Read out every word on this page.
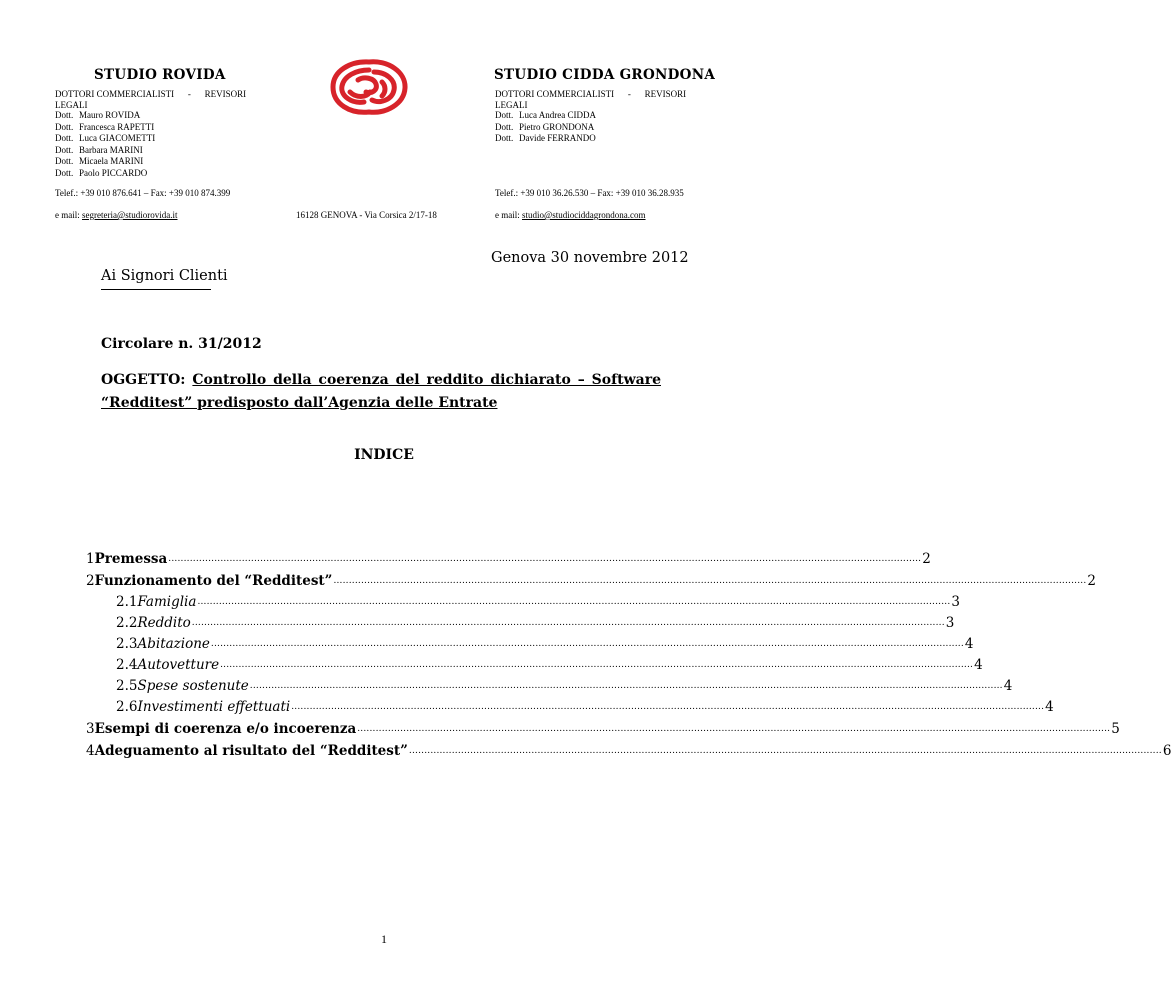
STUDIO ROVIDA
DOTTORI COMMERCIALISTI - REVISORI LEGALI
Dott. Mauro ROVIDA
Dott. Francesca RAPETTI
Dott. Luca GIACOMETTI
Dott. Barbara MARINI
Dott. Micaela MARINI
Dott. Paolo PICCARDO
Telef.: +39 010 876.641 – Fax: +39 010 874.399
e mail: segreteria@studiorovida.it
STUDIO CIDDA GRONDONA
DOTTORI COMMERCIALISTI - REVISORI LEGALI
Dott. Luca Andrea CIDDA
Dott. Pietro GRONDONA
Dott. Davide FERRANDO
Telef.: +39 010 36.26.530 – Fax: +39 010 36.28.935
e mail: studio@studiociddagrondona.com
16128 GENOVA - Via Corsica 2/17-18
Genova 30 novembre 2012
Ai Signori Clienti
Circolare n. 31/2012
OGGETTO: Controllo della coerenza del reddito dichiarato – Software
“Redditest” predisposto dall’Agenzia delle Entrate
INDICE
1 Premessa ...................................................................................................................................................................................................................................................... 2
2 Funzionamento del “Redditest” ...................................................................................................................................................................................................................................................... 2
2.1 Famiglia ...................................................................................................................................................................................................................................................... 3
2.2 Reddito ...................................................................................................................................................................................................................................................... 3
2.3 Abitazione ...................................................................................................................................................................................................................................................... 4
2.4 Autovetture ...................................................................................................................................................................................................................................................... 4
2.5 Spese sostenute ...................................................................................................................................................................................................................................................... 4
2.6 Investimenti effettuati ...................................................................................................................................................................................................................................................... 4
3 Esempi di coerenza e/o incoerenza ...................................................................................................................................................................................................................................................... 5
4 Adeguamento al risultato del “Redditest” ...................................................................................................................................................................................................................................................... 6
1
